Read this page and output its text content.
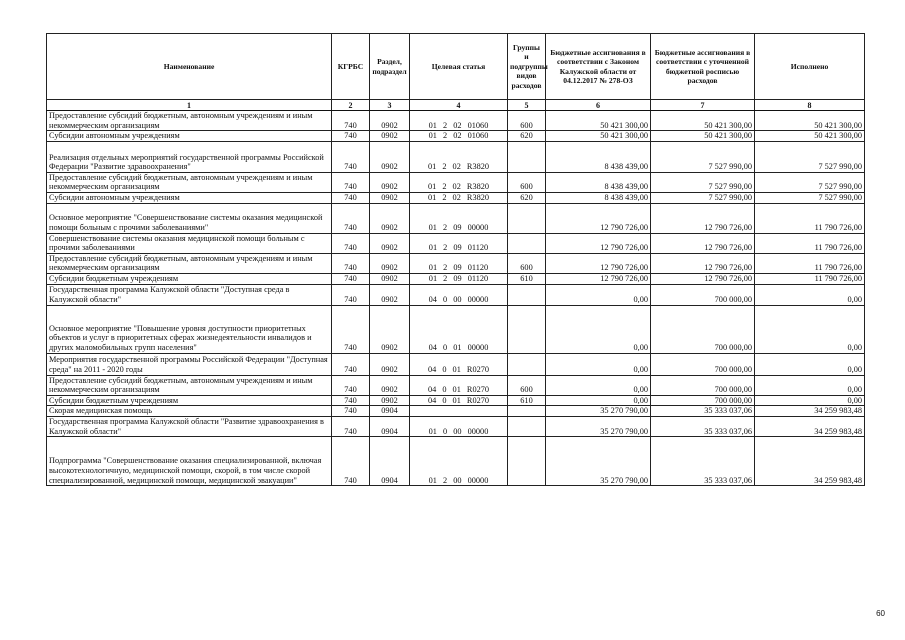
Наименование	КГРБС	Раздел, подраздел	Целевая статья	Группы и подгруппы видов расходов	Бюджетные ассигнования в соответствии с Законом Калужской области от 04.12.2017 № 278-ОЗ	Бюджетные ассигнования в соответствии с уточненной бюджетной росписью расходов	Исполнено
1	2	3	4	5	6	7	8
Предоставление субсидий бюджетным, автономным учреждениям и иным некоммерческим организациям	740	0902	01 2 02 01060	600	50 421 300,00	50 421 300,00	50 421 300,00
Субсидии автономным учреждениям	740	0902	01 2 02 01060	620	50 421 300,00	50 421 300,00	50 421 300,00
Реализация отдельных мероприятий государственной программы Российской Федерации "Развитие здравоохранения"	740	0902	01 2 02 R3820		8 438 439,00	7 527 990,00	7 527 990,00
Предоставление субсидий бюджетным, автономным учреждениям и иным некоммерческим организациям	740	0902	01 2 02 R3820	600	8 438 439,00	7 527 990,00	7 527 990,00
Субсидии автономным учреждениям	740	0902	01 2 02 R3820	620	8 438 439,00	7 527 990,00	7 527 990,00
Основное мероприятие "Совершенствование системы оказания медицинской помощи больным с прочими заболеваниями"	740	0902	01 2 09 00000		12 790 726,00	12 790 726,00	11 790 726,00
Совершенствование системы оказания медицинской помощи больным с прочими заболеваниями	740	0902	01 2 09 01120		12 790 726,00	12 790 726,00	11 790 726,00
Предоставление субсидий бюджетным, автономным учреждениям и иным некоммерческим организациям	740	0902	01 2 09 01120	600	12 790 726,00	12 790 726,00	11 790 726,00
Субсидии бюджетным учреждениям	740	0902	01 2 09 01120	610	12 790 726,00	12 790 726,00	11 790 726,00
Государственная программа Калужской области "Доступная среда в Калужской области"	740	0902	04 0 00 00000		0,00	700 000,00	0,00
Основное мероприятие "Повышение уровня доступности приоритетных объектов и услуг в приоритетных сферах жизнедеятельности инвалидов и других маломобильных групп населения"	740	0902	04 0 01 00000		0,00	700 000,00	0,00
Мероприятия государственной программы Российской Федерации "Доступная среда" на 2011 - 2020 годы	740	0902	04 0 01 R0270		0,00	700 000,00	0,00
Предоставление субсидий бюджетным, автономным учреждениям и иным некоммерческим организациям	740	0902	04 0 01 R0270	600	0,00	700 000,00	0,00
Субсидии бюджетным учреждениям	740	0902	04 0 01 R0270	610	0,00	700 000,00	0,00
Скорая медицинская помощь	740	0904			35 270 790,00	35 333 037,06	34 259 983,48
Государственная программа Калужской области "Развитие здравоохранения в Калужской области"	740	0904	01 0 00 00000		35 270 790,00	35 333 037,06	34 259 983,48
Подпрограмма "Совершенствование оказания специализированной, включая высокотехнологичную, медицинской помощи, скорой, в том числе скорой специализированной, медицинской помощи, медицинской эвакуации"	740	0904	01 2 00 00000		35 270 790,00	35 333 037,06	34 259 983,48
60
